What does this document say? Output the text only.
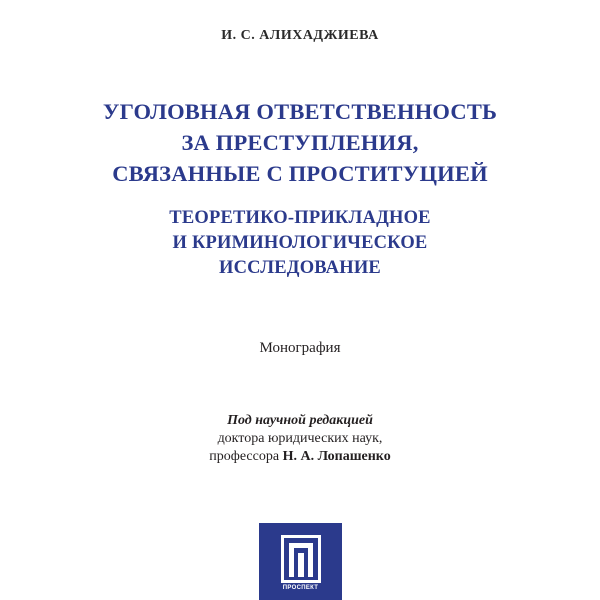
И. С. АЛИХАДЖИЕВА
УГОЛОВНАЯ ОТВЕТСТВЕННОСТЬ
ЗА ПРЕСТУПЛЕНИЯ,
СВЯЗАННЫЕ С ПРОСТИТУЦИЕЙ
ТЕОРЕТИКО-ПРИКЛАДНОЕ
И КРИМИНОЛОГИЧЕСКОЕ
ИССЛЕДОВАНИЕ
Монография
Под научной редакцией
доктора юридических наук,
профессора Н. А. Лопашенко
ПРОСПЕКТ
